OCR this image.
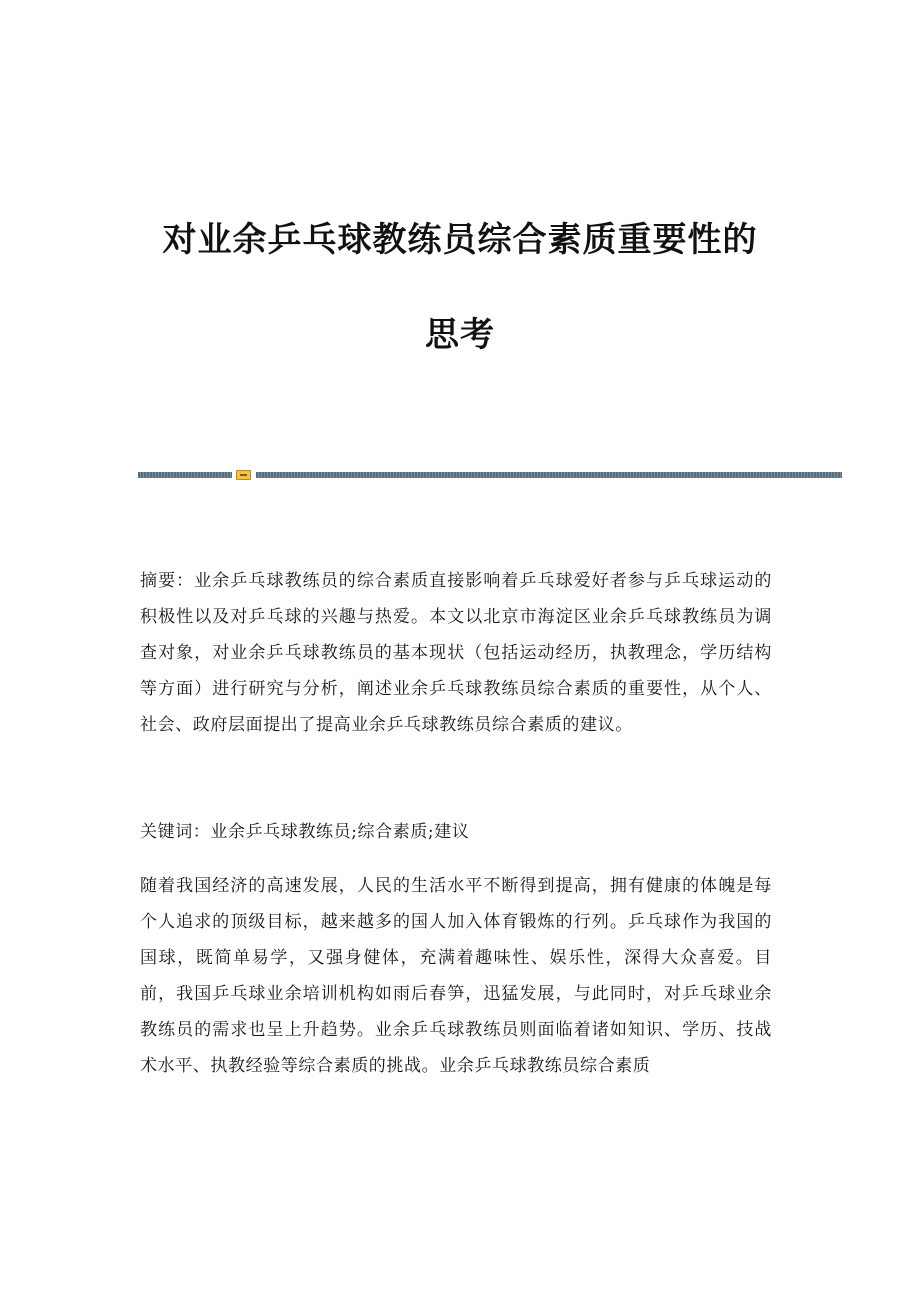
对业余乒乓球教练员综合素质重要性的
思考

摘要：业余乒乓球教练员的综合素质直接影响着乒乓球爱好者参与乒乓球运动的积极性以及对乒乓球的兴趣与热爱。本文以北京市海淀区业余乒乓球教练员为调查对象，对业余乒乓球教练员的基本现状（包括运动经历，执教理念，学历结构等方面）进行研究与分析，阐述业余乒乓球教练员综合素质的重要性，从个人、社会、政府层面提出了提高业余乒乓球教练员综合素质的建议。

关键词：业余乒乓球教练员;综合素质;建议

随着我国经济的高速发展，人民的生活水平不断得到提高，拥有健康的体魄是每个人追求的顶级目标，越来越多的国人加入体育锻炼的行列。乒乓球作为我国的国球，既简单易学，又强身健体，充满着趣味性、娱乐性，深得大众喜爱。目前，我国乒乓球业余培训机构如雨后春笋，迅猛发展，与此同时，对乒乓球业余教练员的需求也呈上升趋势。业余乒乓球教练员则面临着诸如知识、学历、技战术水平、执教经验等综合素质的挑战。业余乒乓球教练员综合素质
